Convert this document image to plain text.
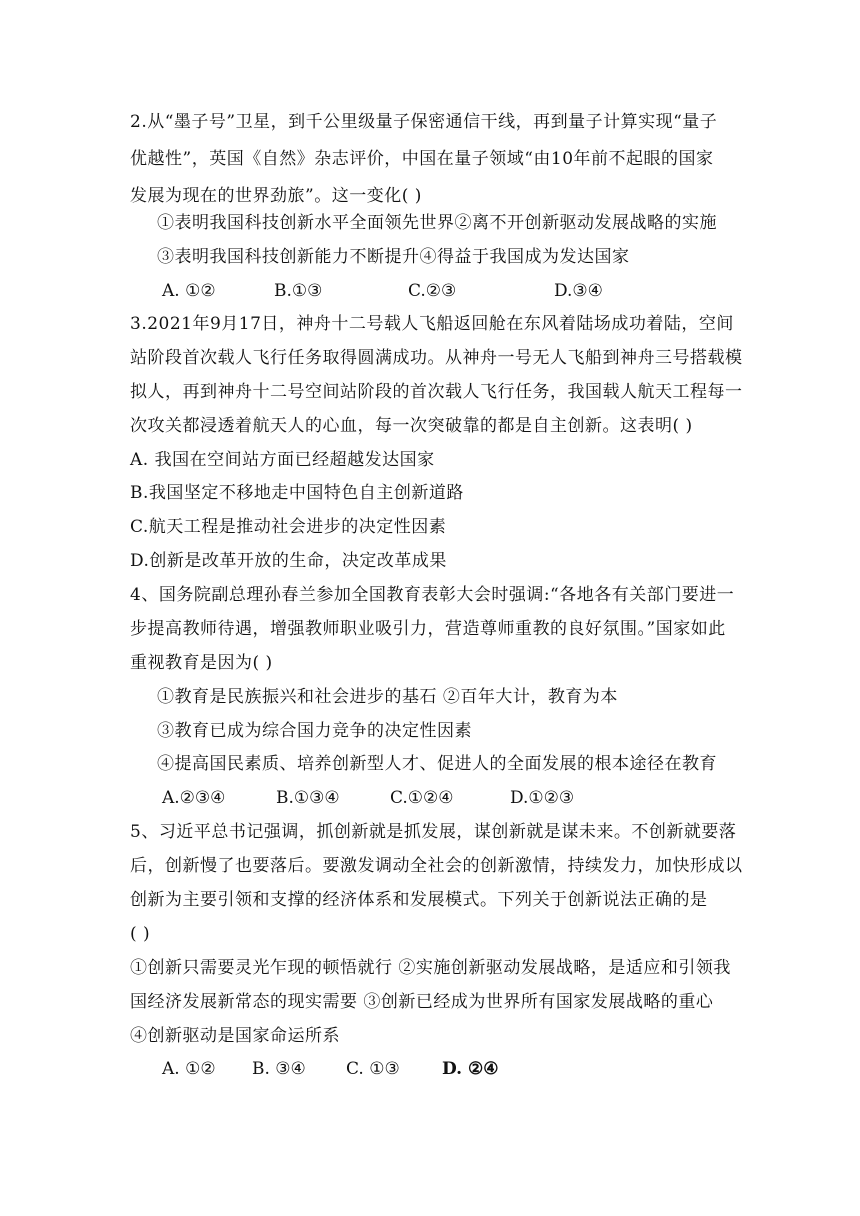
2.从“墨子号”卫星，到千公里级量子保密通信干线，再到量子计算实现“量子
优越性”，英国《自然》杂志评价，中国在量子领域“由10年前不起眼的国家
发展为现在的世界劲旅”。这一变化( )
①表明我国科技创新水平全面领先世界②离不开创新驱动发展战略的实施
③表明我国科技创新能力不断提升④得益于我国成为发达国家
A. ①②	B.①③	C.②③	D.③④
3.2021年9月17日，神舟十二号载人飞船返回舱在东风着陆场成功着陆，空间
站阶段首次载人飞行任务取得圆满成功。从神舟一号无人飞船到神舟三号搭载模
拟人，再到神舟十二号空间站阶段的首次载人飞行任务，我国载人航天工程每一
次攻关都浸透着航天人的心血，每一次突破靠的都是自主创新。这表明( )
A. 我国在空间站方面已经超越发达国家
B.我国坚定不移地走中国特色自主创新道路
C.航天工程是推动社会进步的决定性因素
D.创新是改革开放的生命，决定改革成果
4、国务院副总理孙春兰参加全国教育表彰大会时强调:“各地各有关部门要进一
步提高教师待遇，增强教师职业吸引力，营造尊师重教的良好氛围。”国家如此
重视教育是因为( )
①教育是民族振兴和社会进步的基石 ②百年大计，教育为本
③教育已成为综合国力竞争的决定性因素
④提高国民素质、培养创新型人才、促进人的全面发展的根本途径在教育
A.②③④	B.①③④	C.①②④	D.①②③
5、习近平总书记强调，抓创新就是抓发展，谋创新就是谋未来。不创新就要落
后，创新慢了也要落后。要激发调动全社会的创新激情，持续发力，加快形成以
创新为主要引领和支撑的经济体系和发展模式。下列关于创新说法正确的是
( )
①创新只需要灵光乍现的顿悟就行 ②实施创新驱动发展战略，是适应和引领我
国经济发展新常态的现实需要 ③创新已经成为世界所有国家发展战略的重心
④创新驱动是国家命运所系
A. ①② B. ③④ C. ①③ D. ②④
